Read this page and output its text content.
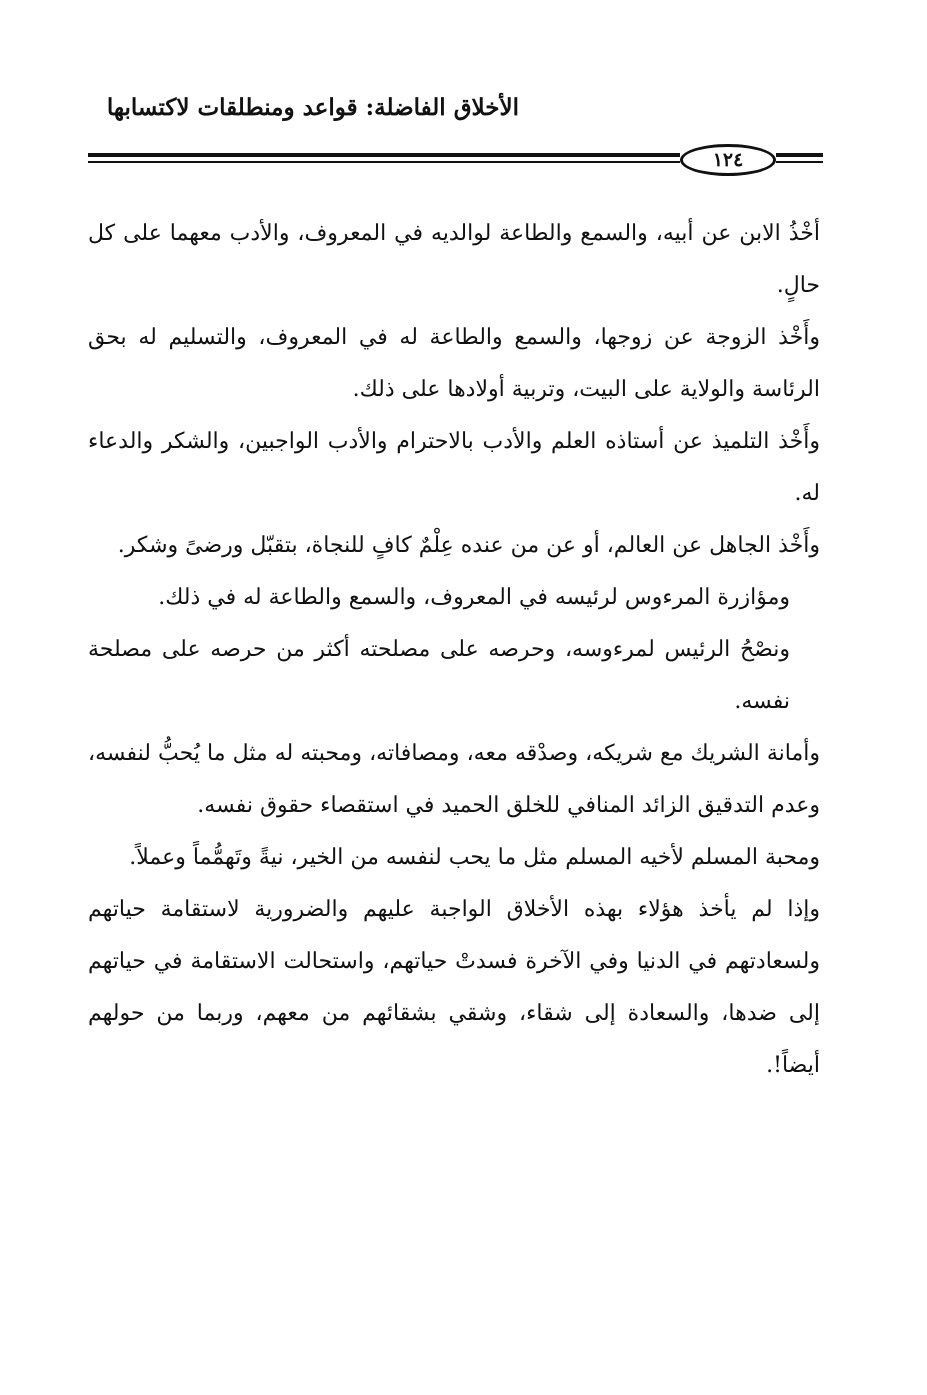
الأخلاق الفاضلة: قواعد ومنطلقات لاكتسابها
١٢٤

أخْذُ الابن عن أبيه، والسمع والطاعة لوالديه في المعروف، والأدب معهما على كل حالٍ.

وأَخْذ الزوجة عن زوجها، والسمع والطاعة له في المعروف، والتسليم له بحق الرئاسة والولاية على البيت، وتربية أولادها على ذلك.

وأَخْذ التلميذ عن أستاذه العلم والأدب بالاحترام والأدب الواجبين، والشكر والدعاء له.

وأَخْذ الجاهل عن العالم، أو عن من عنده عِلْمٌ كافٍ للنجاة، بتقبّل ورضىً وشكر.

ومؤازرة المرءوس لرئيسه في المعروف، والسمع والطاعة له في ذلك.

ونصْحُ الرئيس لمرءوسه، وحرصه على مصلحته أكثر من حرصه على مصلحة نفسه.

وأمانة الشريك مع شريكه، وصدْقه معه، ومصافاته، ومحبته له مثل ما يُحبُّ لنفسه، وعدم التدقيق الزائد المنافي للخلق الحميد في استقصاء حقوق نفسه.

ومحبة المسلم لأخيه المسلم مثل ما يحب لنفسه من الخير، نيةً وتَهمُّماً وعملاً.

وإذا لم يأخذ هؤلاء بهذه الأخلاق الواجبة عليهم والضرورية لاستقامة حياتهم ولسعادتهم في الدنيا وفي الآخرة فسدتْ حياتهم، واستحالت الاستقامة في حياتهم إلى ضدها، والسعادة إلى شقاء، وشقي بشقائهم من معهم، وربما من حولهم أيضاً!.
